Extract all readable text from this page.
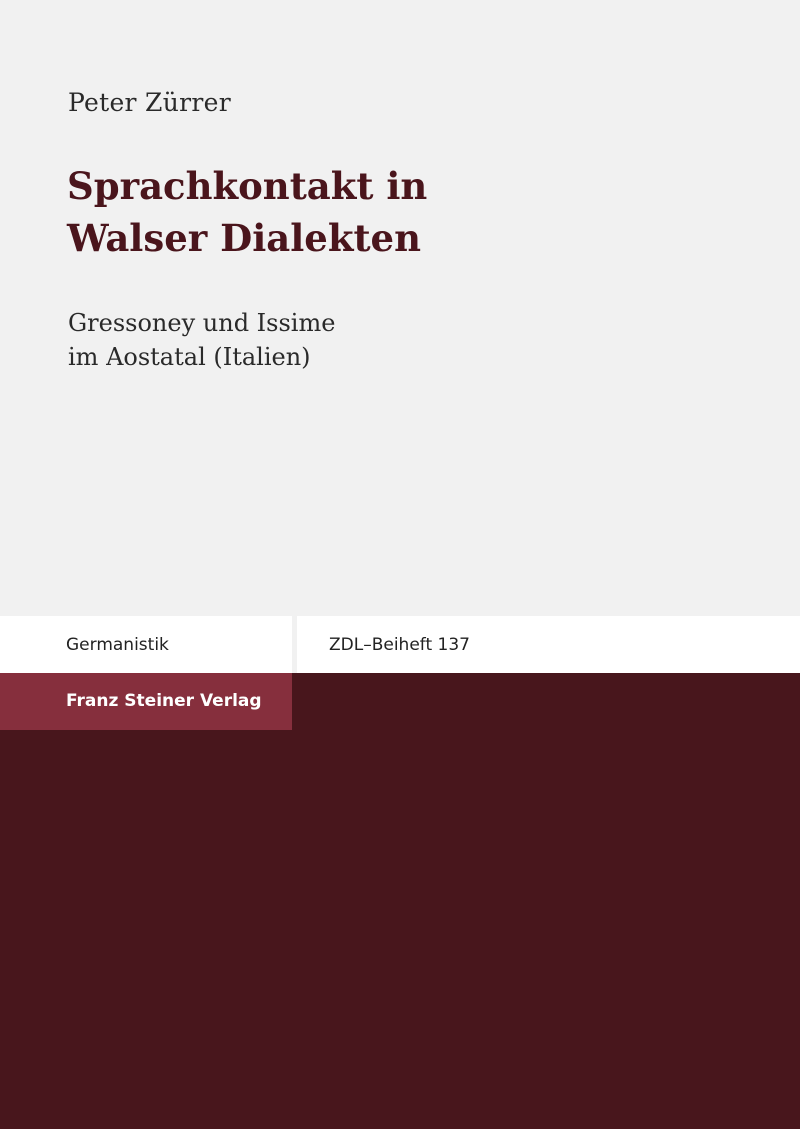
Peter Zürrer
Sprachkontakt in
Walser Dialekten
Gressoney und Issime
im Aostatal (Italien)
Germanistik	ZDL–Beiheft 137
Franz Steiner Verlag
